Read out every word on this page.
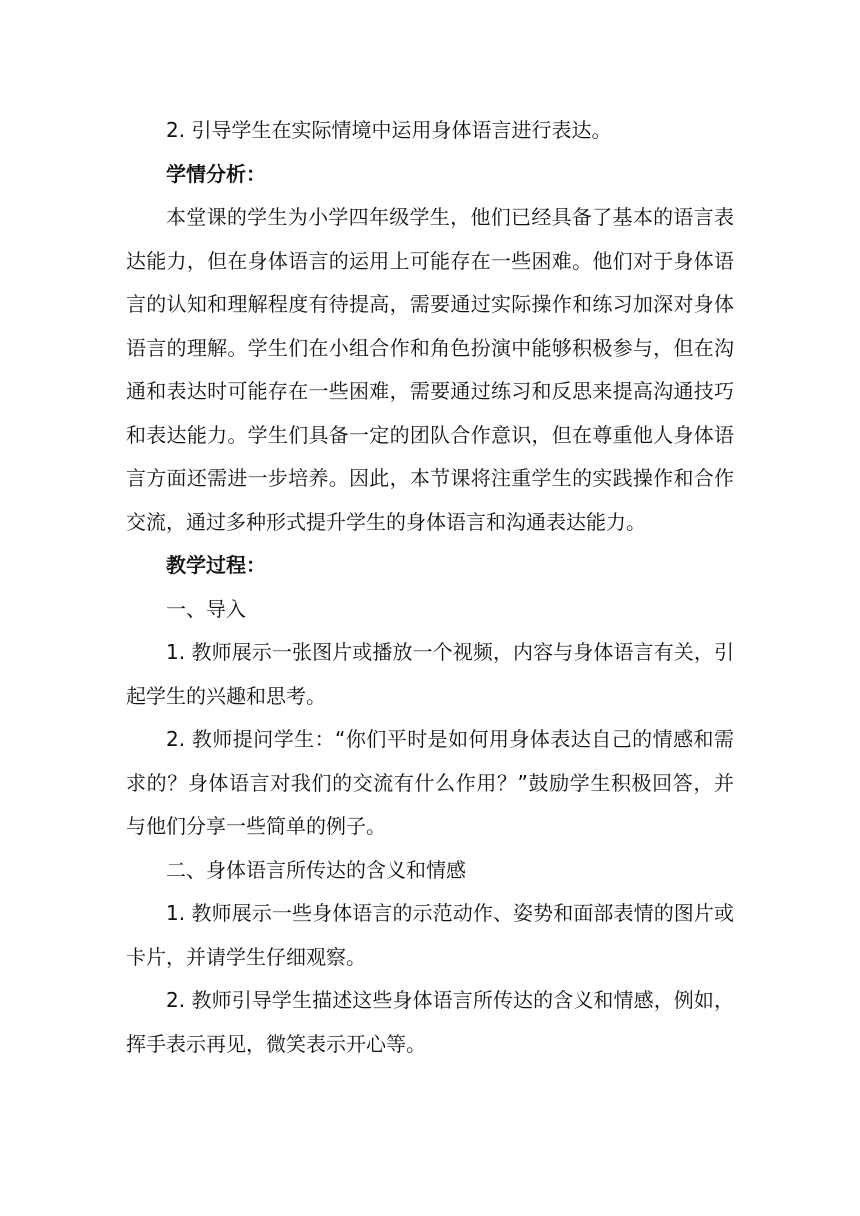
2. 引导学生在实际情境中运用身体语言进行表达。

学情分析：

本堂课的学生为小学四年级学生，他们已经具备了基本的语言表达能力，但在身体语言的运用上可能存在一些困难。他们对于身体语言的认知和理解程度有待提高，需要通过实际操作和练习加深对身体语言的理解。学生们在小组合作和角色扮演中能够积极参与，但在沟通和表达时可能存在一些困难，需要通过练习和反思来提高沟通技巧和表达能力。学生们具备一定的团队合作意识，但在尊重他人身体语言方面还需进一步培养。因此，本节课将注重学生的实践操作和合作交流，通过多种形式提升学生的身体语言和沟通表达能力。

教学过程：

一、导入

1. 教师展示一张图片或播放一个视频，内容与身体语言有关，引起学生的兴趣和思考。

2. 教师提问学生：“你们平时是如何用身体表达自己的情感和需求的？身体语言对我们的交流有什么作用？”鼓励学生积极回答，并与他们分享一些简单的例子。

二、身体语言所传达的含义和情感

1. 教师展示一些身体语言的示范动作、姿势和面部表情的图片或卡片，并请学生仔细观察。

2. 教师引导学生描述这些身体语言所传达的含义和情感，例如，挥手表示再见，微笑表示开心等。
